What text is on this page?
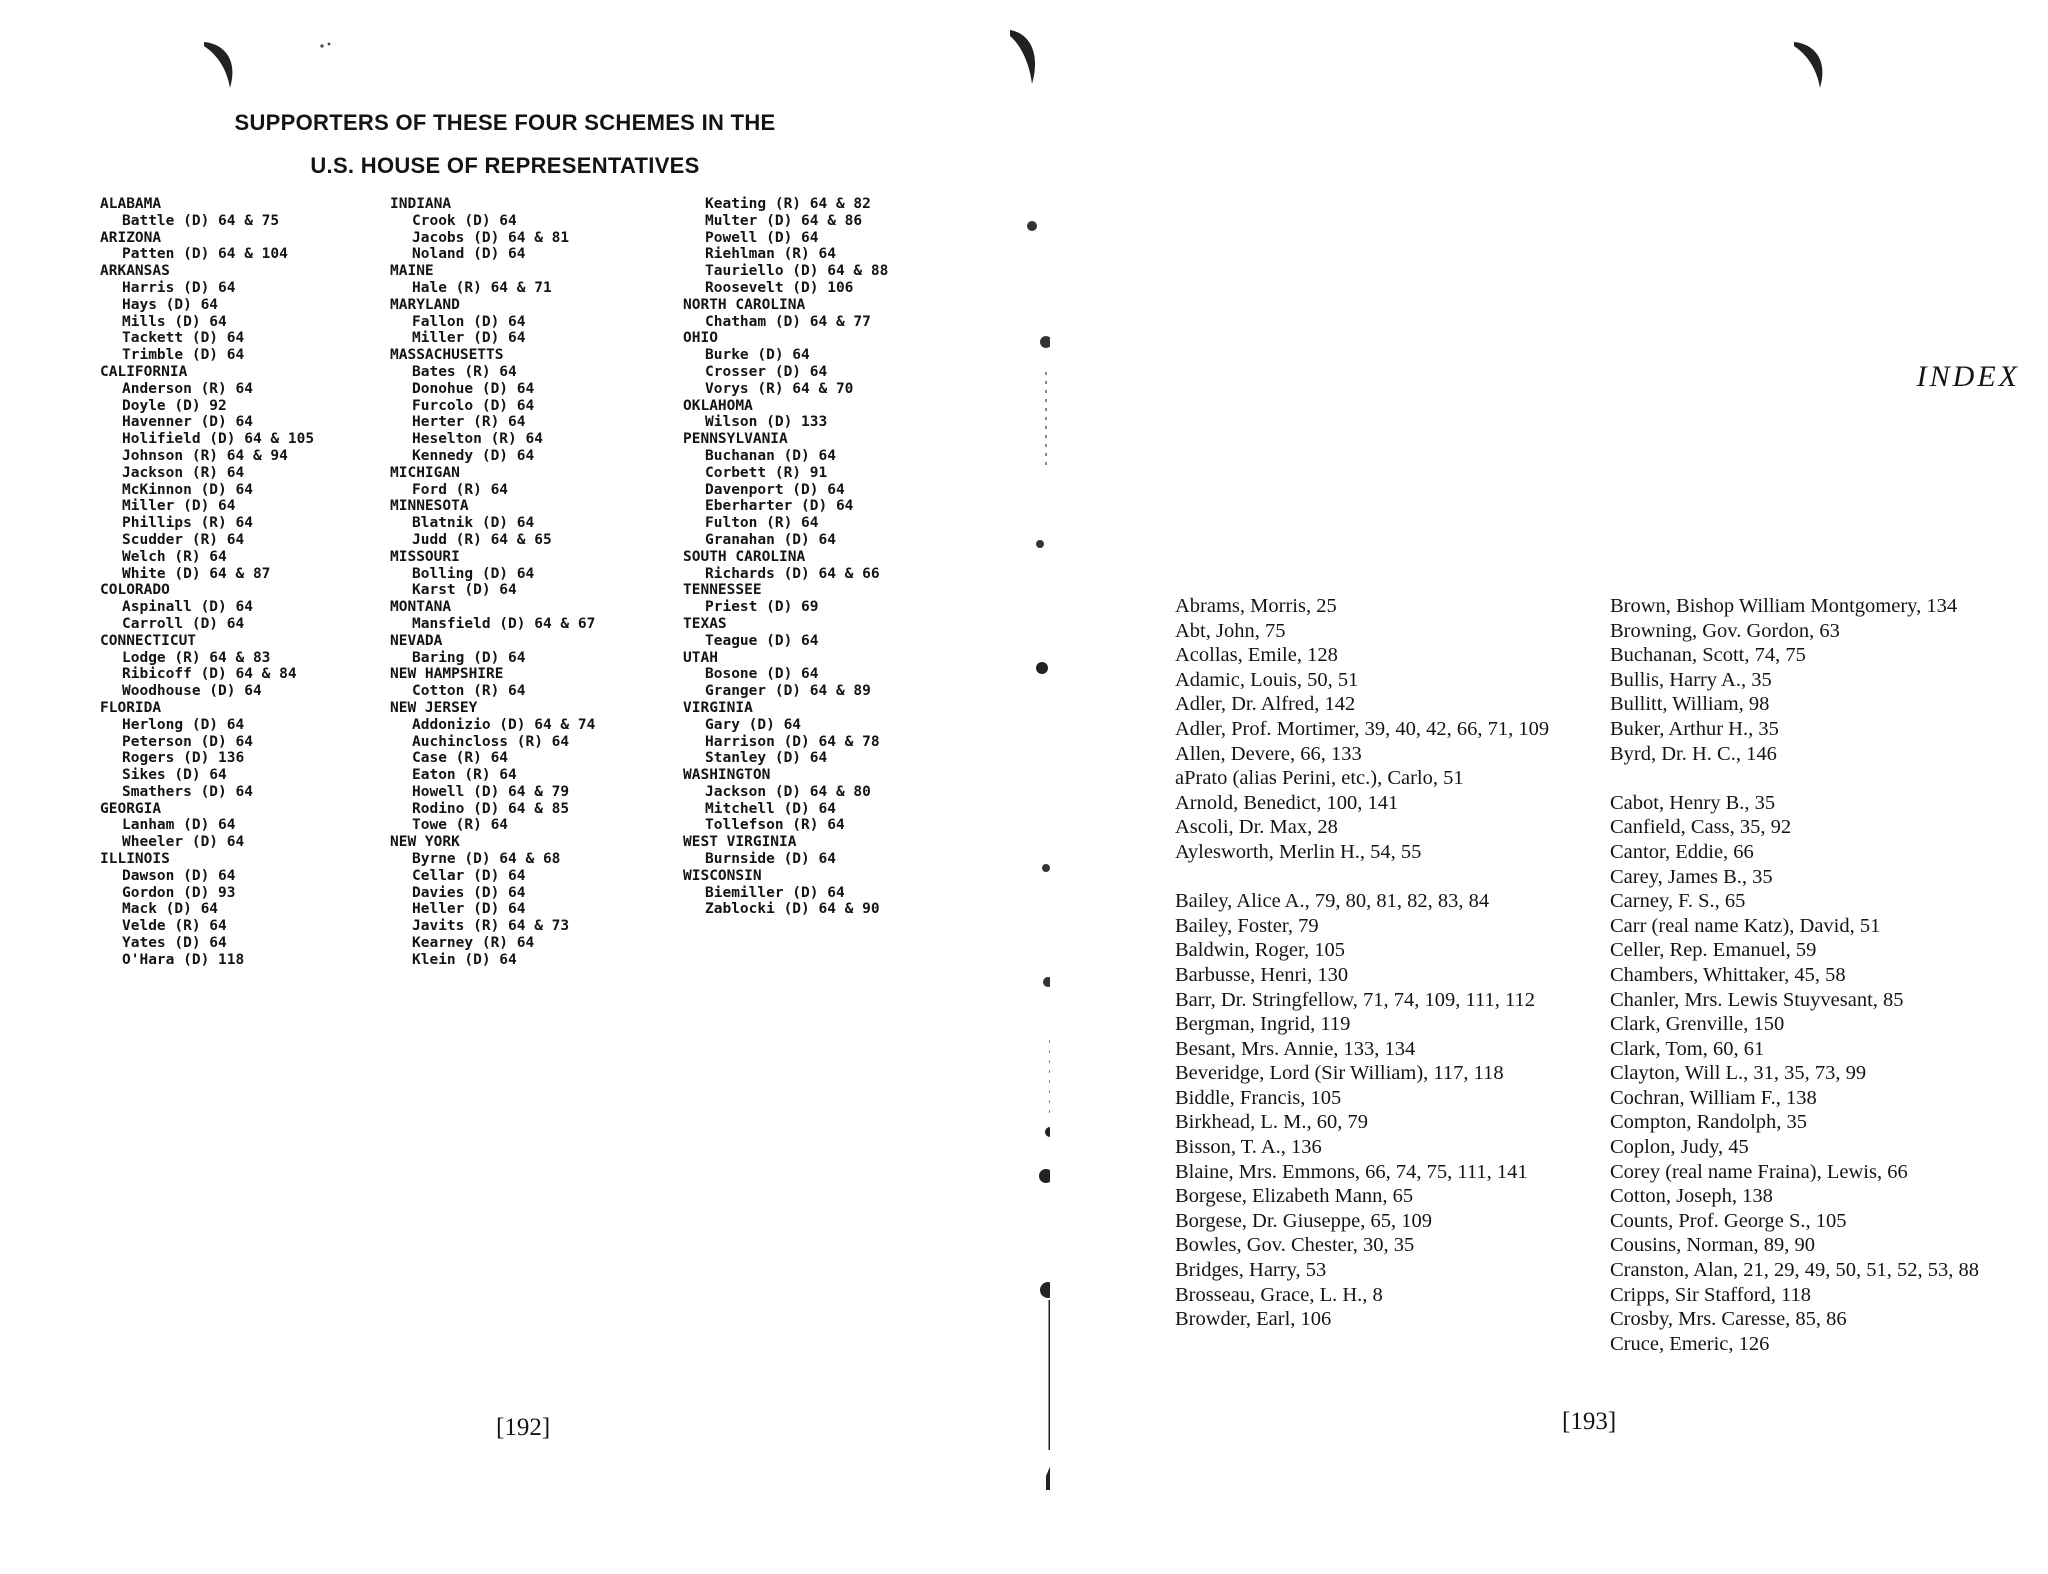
SUPPORTERS OF THESE FOUR SCHEMES IN THE
U.S. HOUSE OF REPRESENTATIVES
ALABAMA
Battle (D) 64 & 75
ARIZONA
Patten (D) 64 & 104
ARKANSAS
Harris (D) 64
Hays (D) 64
Mills (D) 64
Tackett (D) 64
Trimble (D) 64
CALIFORNIA
Anderson (R) 64
Doyle (D) 92
Havenner (D) 64
Holifield (D) 64 & 105
Johnson (R) 64 & 94
Jackson (R) 64
McKinnon (D) 64
Miller (D) 64
Phillips (R) 64
Scudder (R) 64
Welch (R) 64
White (D) 64 & 87
COLORADO
Aspinall (D) 64
Carroll (D) 64
CONNECTICUT
Lodge (R) 64 & 83
Ribicoff (D) 64 & 84
Woodhouse (D) 64
FLORIDA
Herlong (D) 64
Peterson (D) 64
Rogers (D) 136
Sikes (D) 64
Smathers (D) 64
GEORGIA
Lanham (D) 64
Wheeler (D) 64
ILLINOIS
Dawson (D) 64
Gordon (D) 93
Mack (D) 64
Velde (R) 64
Yates (D) 64
O'Hara (D) 118
INDIANA
Crook (D) 64
Jacobs (D) 64 & 81
Noland (D) 64
MAINE
Hale (R) 64 & 71
MARYLAND
Fallon (D) 64
Miller (D) 64
MASSACHUSETTS
Bates (R) 64
Donohue (D) 64
Furcolo (D) 64
Herter (R) 64
Heselton (R) 64
Kennedy (D) 64
MICHIGAN
Ford (R) 64
MINNESOTA
Blatnik (D) 64
Judd (R) 64 & 65
MISSOURI
Bolling (D) 64
Karst (D) 64
MONTANA
Mansfield (D) 64 & 67
NEVADA
Baring (D) 64
NEW HAMPSHIRE
Cotton (R) 64
NEW JERSEY
Addonizio (D) 64 & 74
Auchincloss (R) 64
Case (R) 64
Eaton (R) 64
Howell (D) 64 & 79
Rodino (D) 64 & 85
Towe (R) 64
NEW YORK
Byrne (D) 64 & 68
Cellar (D) 64
Davies (D) 64
Heller (D) 64
Javits (R) 64 & 73
Kearney (R) 64
Klein (D) 64
Keating (R) 64 & 82
Multer (D) 64 & 86
Powell (D) 64
Riehlman (R) 64
Tauriello (D) 64 & 88
Roosevelt (D) 106
NORTH CAROLINA
Chatham (D) 64 & 77
OHIO
Burke (D) 64
Crosser (D) 64
Vorys (R) 64 & 70
OKLAHOMA
Wilson (D) 133
PENNSYLVANIA
Buchanan (D) 64
Corbett (R) 91
Davenport (D) 64
Eberharter (D) 64
Fulton (R) 64
Granahan (D) 64
SOUTH CAROLINA
Richards (D) 64 & 66
TENNESSEE
Priest (D) 69
TEXAS
Teague (D) 64
UTAH
Bosone (D) 64
Granger (D) 64 & 89
VIRGINIA
Gary (D) 64
Harrison (D) 64 & 78
Stanley (D) 64
WASHINGTON
Jackson (D) 64 & 80
Mitchell (D) 64
Tollefson (R) 64
WEST VIRGINIA
Burnside (D) 64
WISCONSIN
Biemiller (D) 64
Zablocki (D) 64 & 90
[192]
INDEX
Abrams, Morris, 25
Abt, John, 75
Acollas, Emile, 128
Adamic, Louis, 50, 51
Adler, Dr. Alfred, 142
Adler, Prof. Mortimer, 39, 40, 42, 66, 71, 109
Allen, Devere, 66, 133
aPrato (alias Perini, etc.), Carlo, 51
Arnold, Benedict, 100, 141
Ascoli, Dr. Max, 28
Aylesworth, Merlin H., 54, 55
Bailey, Alice A., 79, 80, 81, 82, 83, 84
Bailey, Foster, 79
Baldwin, Roger, 105
Barbusse, Henri, 130
Barr, Dr. Stringfellow, 71, 74, 109, 111, 112
Bergman, Ingrid, 119
Besant, Mrs. Annie, 133, 134
Beveridge, Lord (Sir William), 117, 118
Biddle, Francis, 105
Birkhead, L. M., 60, 79
Bisson, T. A., 136
Blaine, Mrs. Emmons, 66, 74, 75, 111, 141
Borgese, Elizabeth Mann, 65
Borgese, Dr. Giuseppe, 65, 109
Bowles, Gov. Chester, 30, 35
Bridges, Harry, 53
Brosseau, Grace, L. H., 8
Browder, Earl, 106
Brown, Bishop William Montgomery, 134
Browning, Gov. Gordon, 63
Buchanan, Scott, 74, 75
Bullis, Harry A., 35
Bullitt, William, 98
Buker, Arthur H., 35
Byrd, Dr. H. C., 146
Cabot, Henry B., 35
Canfield, Cass, 35, 92
Cantor, Eddie, 66
Carey, James B., 35
Carney, F. S., 65
Carr (real name Katz), David, 51
Celler, Rep. Emanuel, 59
Chambers, Whittaker, 45, 58
Chanler, Mrs. Lewis Stuyvesant, 85
Clark, Grenville, 150
Clark, Tom, 60, 61
Clayton, Will L., 31, 35, 73, 99
Cochran, William F., 138
Compton, Randolph, 35
Coplon, Judy, 45
Corey (real name Fraina), Lewis, 66
Cotton, Joseph, 138
Counts, Prof. George S., 105
Cousins, Norman, 89, 90
Cranston, Alan, 21, 29, 49, 50, 51, 52, 53, 88
Cripps, Sir Stafford, 118
Crosby, Mrs. Caresse, 85, 86
Cruce, Emeric, 126
[193]
